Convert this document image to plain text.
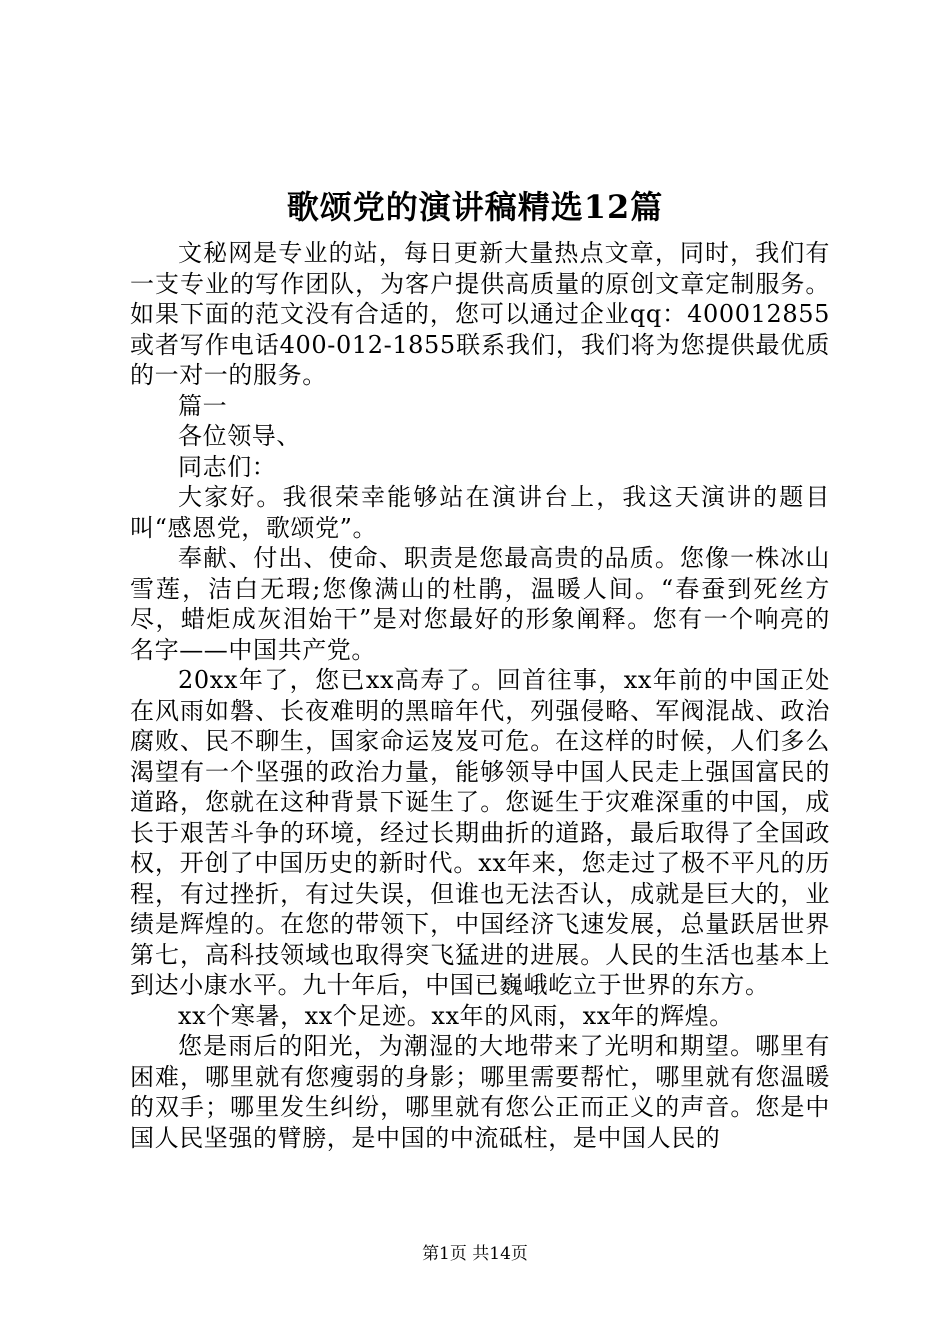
歌颂党的演讲稿精选12篇

文秘网是专业的站，每日更新大量热点文章，同时，我们有一支专业的写作团队，为客户提供高质量的原创文章定制服务。如果下面的范文没有合适的，您可以通过企业qq：400012855或者写作电话400-012-1855联系我们，我们将为您提供最优质的一对一的服务。

篇一

各位领导、

同志们：

大家好。我很荣幸能够站在演讲台上，我这天演讲的题目叫“感恩党，歌颂党”。

奉献、付出、使命、职责是您最高贵的品质。您像一株冰山雪莲，洁白无瑕;您像满山的杜鹃，温暖人间。“春蚕到死丝方尽，蜡炬成灰泪始干”是对您最好的形象阐释。您有一个响亮的名字——中国共产党。

20xx年了，您已xx高寿了。回首往事，xx年前的中国正处在风雨如磐、长夜难明的黑暗年代，列强侵略、军阀混战、政治腐败、民不聊生，国家命运岌岌可危。在这样的时候，人们多么渴望有一个坚强的政治力量，能够领导中国人民走上强国富民的道路，您就在这种背景下诞生了。您诞生于灾难深重的中国，成长于艰苦斗争的环境，经过长期曲折的道路，最后取得了全国政权，开创了中国历史的新时代。xx年来，您走过了极不平凡的历程，有过挫折，有过失误，但谁也无法否认，成就是巨大的，业绩是辉煌的。在您的带领下，中国经济飞速发展，总量跃居世界第七，高科技领域也取得突飞猛进的进展。人民的生活也基本上到达小康水平。九十年后，中国已巍峨屹立于世界的东方。

xx个寒暑，xx个足迹。xx年的风雨，xx年的辉煌。

您是雨后的阳光，为潮湿的大地带来了光明和期望。哪里有困难，哪里就有您瘦弱的身影；哪里需要帮忙，哪里就有您温暖的双手；哪里发生纠纷，哪里就有您公正而正义的声音。您是中国人民坚强的臂膀，是中国的中流砥柱，是中国人民的

第1页 共14页
